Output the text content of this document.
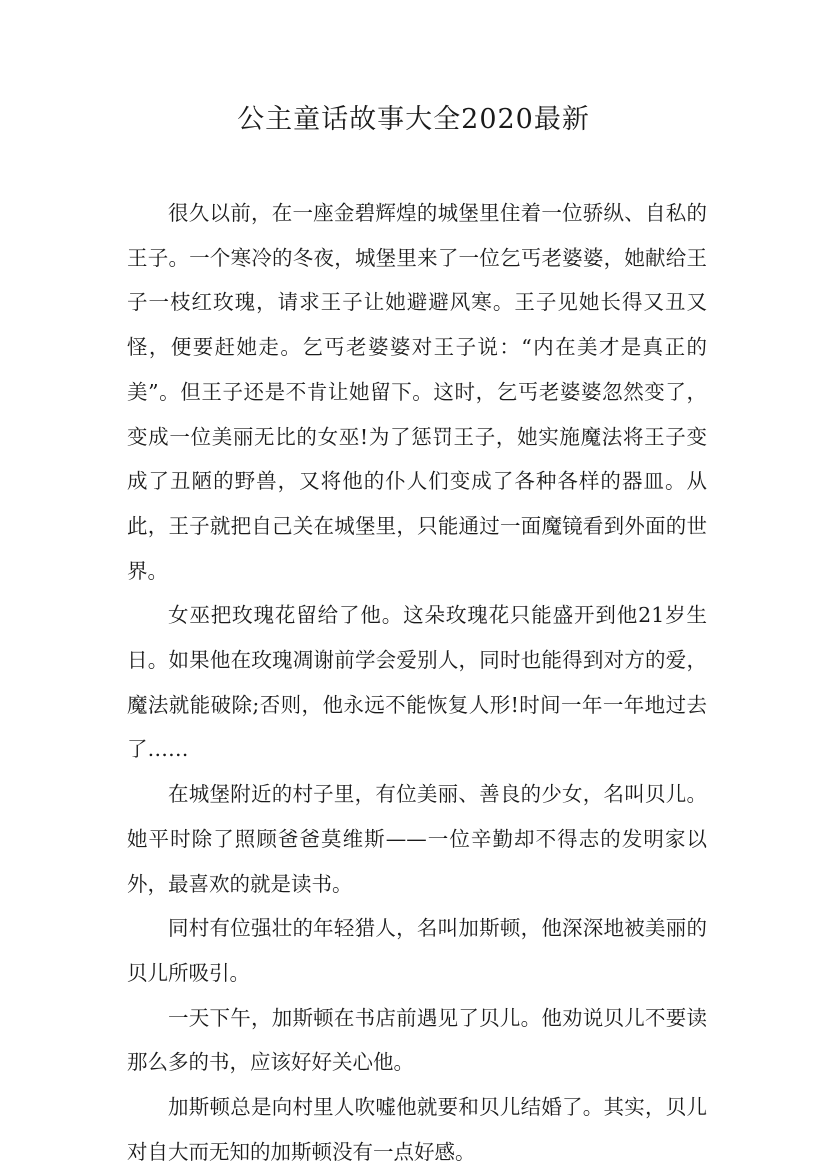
公主童话故事大全2020最新

很久以前，在一座金碧辉煌的城堡里住着一位骄纵、自私的王子。一个寒冷的冬夜，城堡里来了一位乞丐老婆婆，她献给王子一枝红玫瑰，请求王子让她避避风寒。王子见她长得又丑又怪，便要赶她走。乞丐老婆婆对王子说：“内在美才是真正的美”。但王子还是不肯让她留下。这时，乞丐老婆婆忽然变了，变成一位美丽无比的女巫!为了惩罚王子，她实施魔法将王子变成了丑陋的野兽，又将他的仆人们变成了各种各样的器皿。从此，王子就把自己关在城堡里，只能通过一面魔镜看到外面的世界。

女巫把玫瑰花留给了他。这朵玫瑰花只能盛开到他21岁生日。如果他在玫瑰凋谢前学会爱别人，同时也能得到对方的爱，魔法就能破除;否则，他永远不能恢复人形!时间一年一年地过去了……

在城堡附近的村子里，有位美丽、善良的少女，名叫贝儿。她平时除了照顾爸爸莫维斯——一位辛勤却不得志的发明家以外，最喜欢的就是读书。

同村有位强壮的年轻猎人，名叫加斯顿，他深深地被美丽的贝儿所吸引。

一天下午，加斯顿在书店前遇见了贝儿。他劝说贝儿不要读那么多的书，应该好好关心他。

加斯顿总是向村里人吹嘘他就要和贝儿结婚了。其实，贝儿对自大而无知的加斯顿没有一点好感。
